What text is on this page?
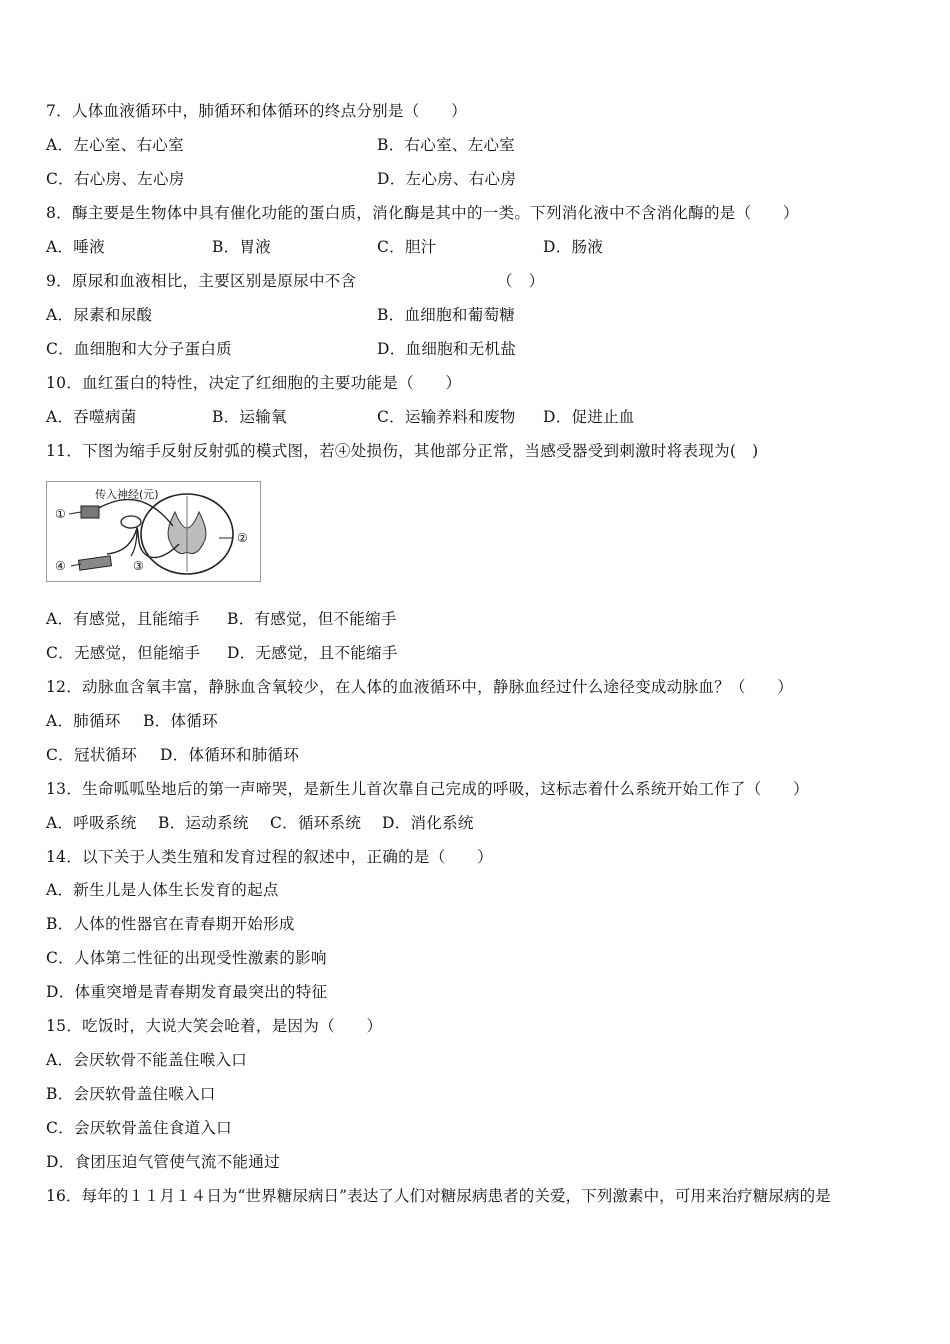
7．人体血液循环中，肺循环和体循环的终点分别是（　　）
A．左心室、右心室	B．右心室、左心室
C．右心房、左心房	D．左心房、右心房
8．酶主要是生物体中具有催化功能的蛋白质，消化酶是其中的一类。下列消化液中不含消化酶的是（　　）
A．唾液	B．胃液	C．胆汁	D．肠液
9．原尿和血液相比，主要区别是原尿中不含	（　）
A．尿素和尿酸	B．血细胞和葡萄糖
C．血细胞和大分子蛋白质	D．血细胞和无机盐
10．血红蛋白的特性，决定了红细胞的主要功能是（　　）
A．吞噬病菌	B．运输氧	C．运输养料和废物 D．促进止血
11．下图为缩手反射反射弧的模式图，若④处损伤，其他部分正常，当感受器受到刺激时将表现为(　)
传入神经(元)
①
②
③
④
A．有感觉，且能缩手 B．有感觉，但不能缩手
C．无感觉，但能缩手 D．无感觉，且不能缩手
12．动脉血含氧丰富，静脉血含氧较少，在人体的血液循环中，静脉血经过什么途径变成动脉血？（　　）
A．肺循环 B．体循环
C．冠状循环 D．体循环和肺循环
13．生命呱呱坠地后的第一声啼哭，是新生儿首次靠自己完成的呼吸，这标志着什么系统开始工作了（　　）
A．呼吸系统 B．运动系统 C．循环系统 D．消化系统
14．以下关于人类生殖和发育过程的叙述中，正确的是（　　）
A．新生儿是人体生长发育的起点
B．人体的性器官在青春期开始形成
C．人体第二性征的出现受性激素的影响
D．体重突增是青春期发育最突出的特征
15．吃饭时，大说大笑会呛着，是因为（　　）
A．会厌软骨不能盖住喉入口
B．会厌软骨盖住喉入口
C．会厌软骨盖住食道入口
D．食团压迫气管使气流不能通过
16．每年的１１月１４日为“世界糖尿病日”表达了人们对糖尿病患者的关爱，下列激素中，可用来治疗糖尿病的是
